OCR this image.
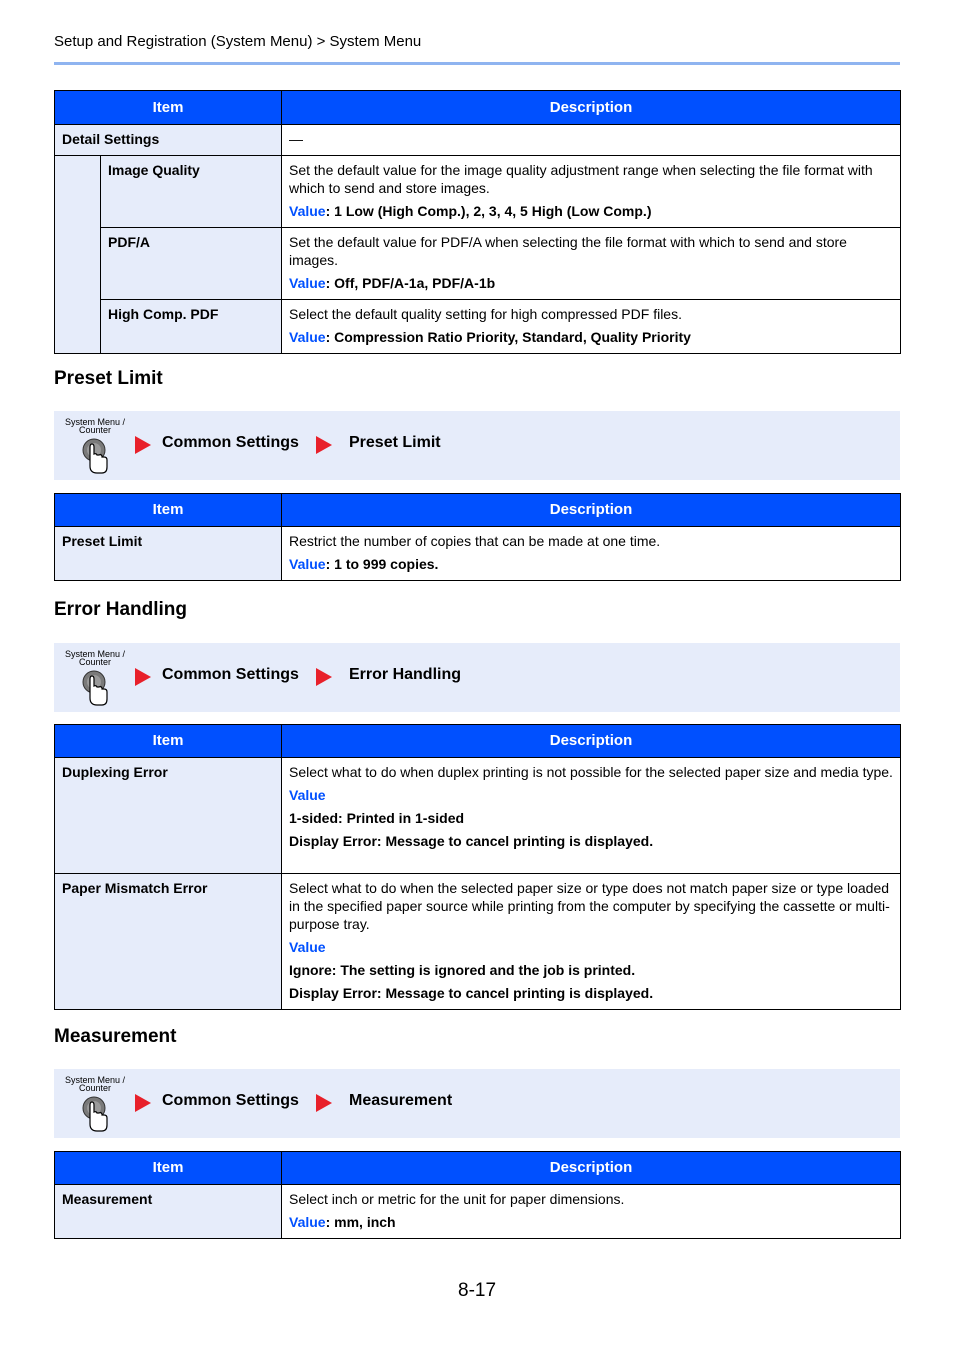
Setup and Registration (System Menu) > System Menu
Item		Description
Detail Settings		—
	Image Quality	Set the default value for the image quality adjustment range when selecting the file format with which to send and store images.
Value: 1 Low (High Comp.), 2, 3, 4, 5 High (Low Comp.)

	PDF/A	Set the default value for PDF/A when selecting the file format with which to send and store images.
Value: Off, PDF/A-1a, PDF/A-1b

	High Comp. PDF	Select the default quality setting for high compressed PDF files.
Value: Compression Ratio Priority, Standard, Quality Priority
Preset Limit
System Menu /
Counter
Common Settings	Preset Limit
Item	Description
Preset Limit	Restrict the number of copies that can be made at one time.
Value: 1 to 999 copies.
Error Handling
System Menu /
Counter
Common Settings	Error Handling
Item	Description
Duplexing Error	Select what to do when duplex printing is not possible for the selected paper size and media type.
Value
1-sided: Printed in 1-sided
Display Error: Message to cancel printing is displayed.

Paper Mismatch Error	Select what to do when the selected paper size or type does not match paper size or type loaded in the specified paper source while printing from the computer by specifying the cassette or multi-purpose tray.
Value
Ignore: The setting is ignored and the job is printed.
Display Error: Message to cancel printing is displayed.
Measurement
System Menu /
Counter
Common Settings	Measurement
Item	Description
Measurement	Select inch or metric for the unit for paper dimensions.
Value: mm, inch
8-17
